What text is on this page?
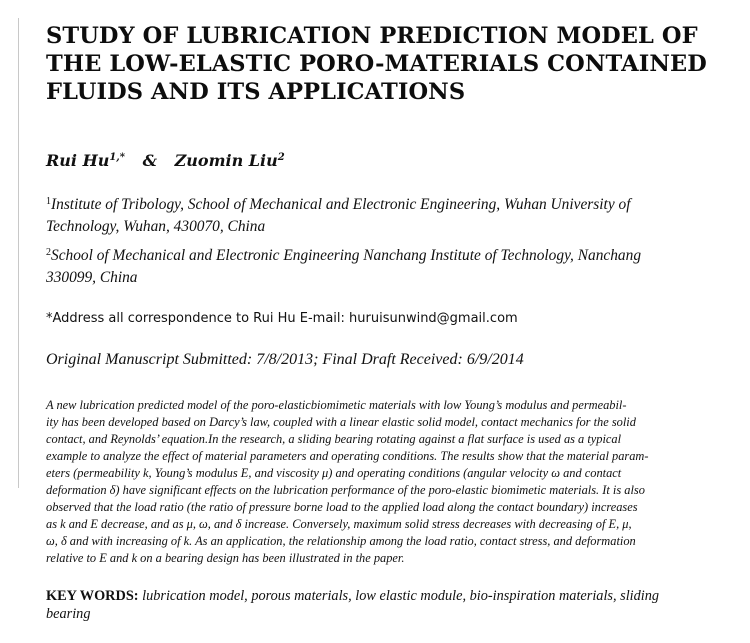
STUDY OF LUBRICATION PREDICTION MODEL OF
THE LOW-ELASTIC PORO-MATERIALS CONTAINED
FLUIDS AND ITS APPLICATIONS
Rui $Hu^{1,*}$ & Zuomin Liu$^2$
$^1$Institute of Tribology, School of Mechanical and Electronic Engineering, Wuhan University of
Technology, Wuhan, 430070, China
$^2$School of Mechanical and Electronic Engineering Nanchang Institute of Technology, Nanchang
330099, China
*Address all correspondence to Rui Hu E-mail: huruisunwind@gmail.com
Original Manuscript Submitted: 7/8/2013; Final Draft Received: 6/9/2014
A new lubrication predicted model of the poro-elasticbiomimetic materials with low Young’s modulus and permeabil-
ity has been developed based on Darcy’s law, coupled with a linear elastic solid model, contact mechanics for the solid
contact, and Reynolds’ equation.In the research, a sliding bearing rotating against a flat surface is used as a typical
example to analyze the effect of material parameters and operating conditions. The results show that the material param-
eters (permeability k, Young’s modulus E, and viscosity μ) and operating conditions (angular velocity ω and contact
deformation δ) have significant effects on the lubrication performance of the poro-elastic biomimetic materials. It is also
observed that the load ratio (the ratio of pressure borne load to the applied load along the contact boundary) increases
as k and E decrease, and as μ, ω, and δ increase. Conversely, maximum solid stress decreases with decreasing of E, μ,
ω, δ and with increasing of k. As an application, the relationship among the load ratio, contact stress, and deformation
relative to E and k on a bearing design has been illustrated in the paper.
KEY WORDS: lubrication model, porous materials, low elastic module, bio-inspiration materials, sliding
bearing
